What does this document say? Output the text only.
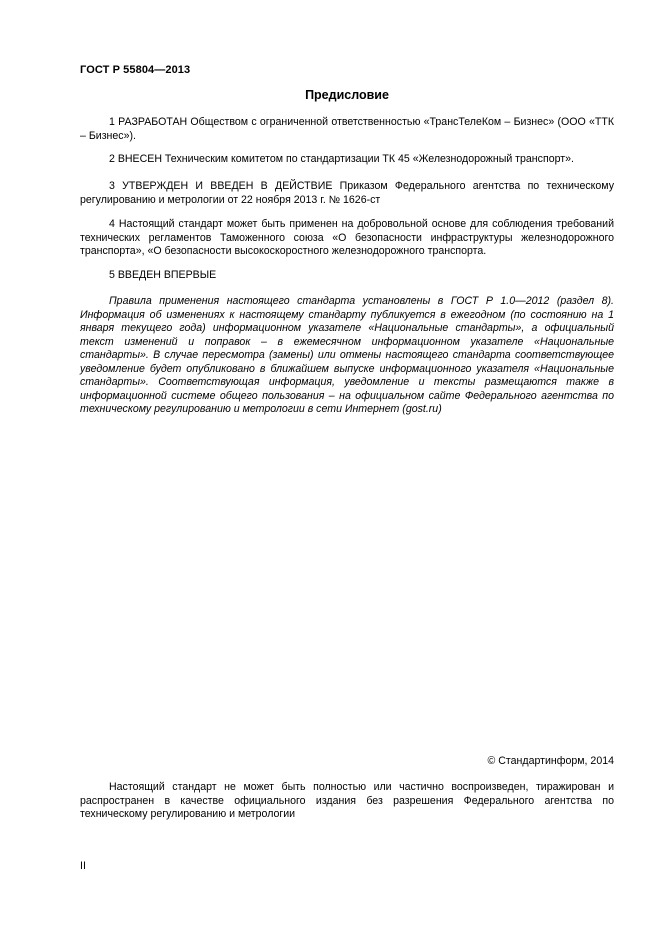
ГОСТ Р 55804—2013
Предисловие

1 РАЗРАБОТАН Обществом с ограниченной ответственностью «ТрансТелеКом – Бизнес» (ООО «ТТК – Бизнес»).

2 ВНЕСЕН Техническим комитетом по стандартизации ТК 45 «Железнодорожный транспорт».

3 УТВЕРЖДЕН И ВВЕДЕН В ДЕЙСТВИЕ Приказом Федерального агентства по техническому регулированию и метрологии от 22 ноября 2013 г. № 1626-ст

4 Настоящий стандарт может быть применен на добровольной основе для соблюдения требований технических регламентов Таможенного союза «О безопасности инфраструктуры железнодорожного транспорта», «О безопасности высокоскоростного железнодорожного транспорта.

5 ВВЕДЕН ВПЕРВЫЕ

Правила применения настоящего стандарта установлены в ГОСТ Р 1.0—2012 (раздел 8). Информация об изменениях к настоящему стандарту публикуется в ежегодном (по состоянию на 1 января текущего года) информационном указателе «Национальные стандарты», а официальный текст изменений и поправок – в ежемесячном информационном указателе «Национальные стандарты». В случае пересмотра (замены) или отмены настоящего стандарта соответствующее уведомление будет опубликовано в ближайшем выпуске информационного указателя «Национальные стандарты». Соответствующая информация, уведомление и тексты размещаются также в информационной системе общего пользования – на официальном сайте Федерального агентства по техническому регулированию и метрологии в сети Интернет (gost.ru)

© Стандартинформ, 2014

Настоящий стандарт не может быть полностью или частично воспроизведен, тиражирован и распространен в качестве официального издания без разрешения Федерального агентства по техническому регулированию и метрологии

II
